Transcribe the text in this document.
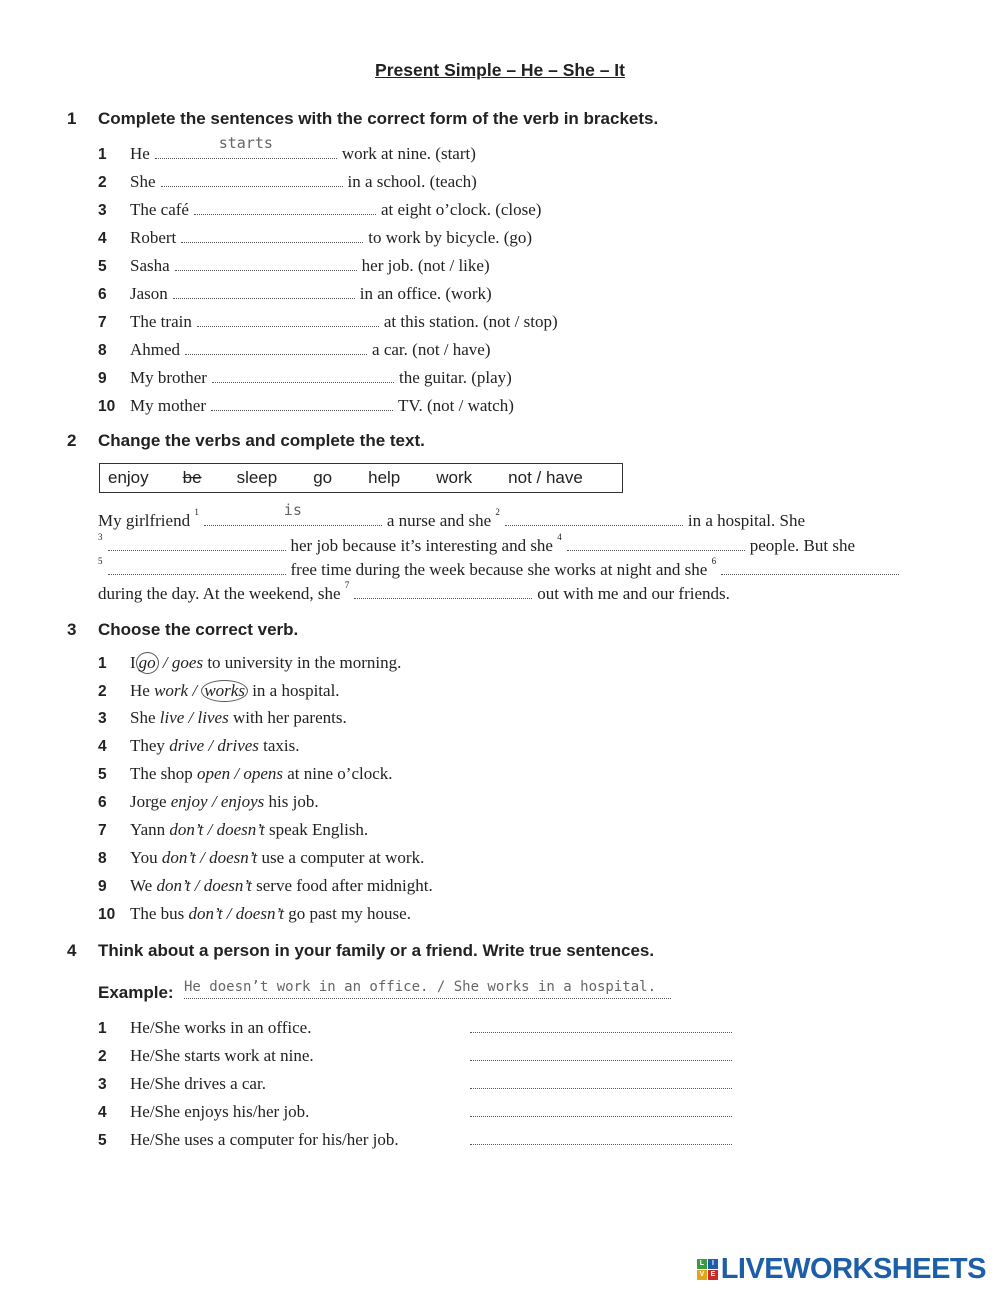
Present Simple – He – She – It
1 Complete the sentences with the correct form of the verb in brackets.
1	He
starts
work at nine. (start)
2	She	in a school. (teach)
3	The café	at eight o’clock. (close)
4	Robert	to work by bicycle. (go)
5	Sasha	her job. (not / like)
6	Jason	in an office. (work)
7	The train	at this station. (not / stop)
8	Ahmed	a car. (not / have)
9	My brother	the guitar. (play)
10 My mother	TV. (not / watch)
2 Change the verbs and complete the text.
enjoy be sleep go help work not / have
My girlfriend $^1$	is
a nurse and she $^2$	in a hospital. She
$^3$	her job because it’s interesting and she $^4$	people. But she
$^5$	free time during the week because she works at night and she $^6$
during the day. At the weekend, she $^7$	out with me and our friends.
3 Choose the correct verb.
1	I go / goes to university in the morning.
2	He work / works in a hospital.
3	She live / lives with her parents.
4	They drive / drives taxis.
5	The shop open / opens at nine o’clock.
6	Jorge enjoy / enjoys his job.
7	Yann don’t / doesn’t speak English.
8	You don’t / doesn’t use a computer at work.
9	We don’t / doesn’t serve food after midnight.
10 The bus don’t / doesn’t go past my house.
4 Think about a person in your family or a friend. Write true sentences.
Example: He doesn’t work in an office. / She works in a hospital.
1	He/She works in an office.
2	He/She starts work at nine.
3	He/She drives a car.
4	He/She enjoys his/her job.
5	He/She uses a computer for his/her job.
L	I
V E LIVEWORKSHEETS
